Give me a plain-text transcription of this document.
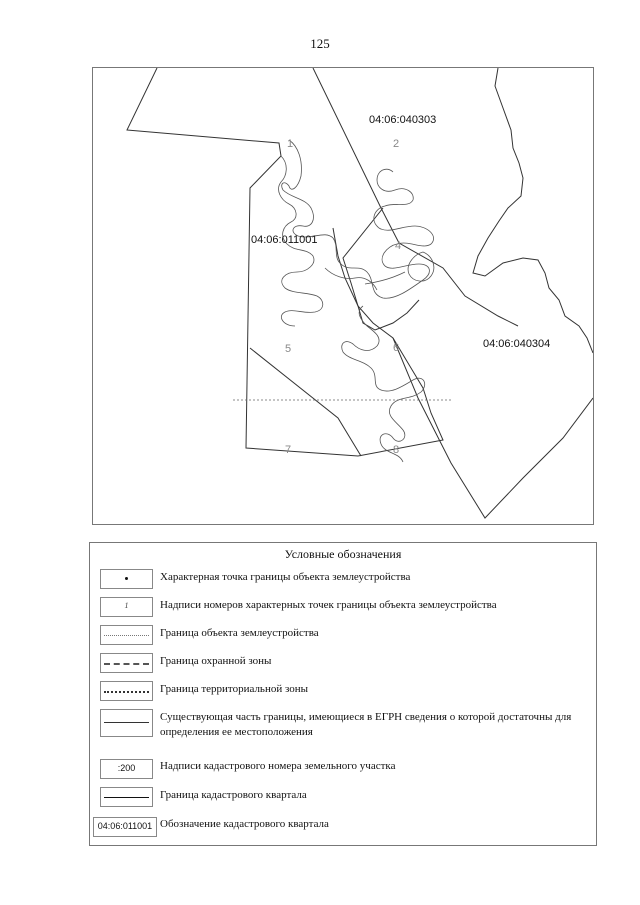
125
04:06:040303
04:06:011001
04:06:040304
1	2
4
5	6
7	8
Условные обозначения
Характерная точка границы объекта землеустройства
1	Надписи номеров характерных точек границы объекта землеустройства
Граница объекта землеустройства
Граница охранной зоны
Граница территориальной зоны
Существующая часть границы, имеющиеся в ЕГРН сведения о которой достаточны для определения ее местоположения
:200	Надписи кадастрового номера земельного участка
Граница кадастрового квартала
04:06:011001 Обозначение кадастрового квартала
